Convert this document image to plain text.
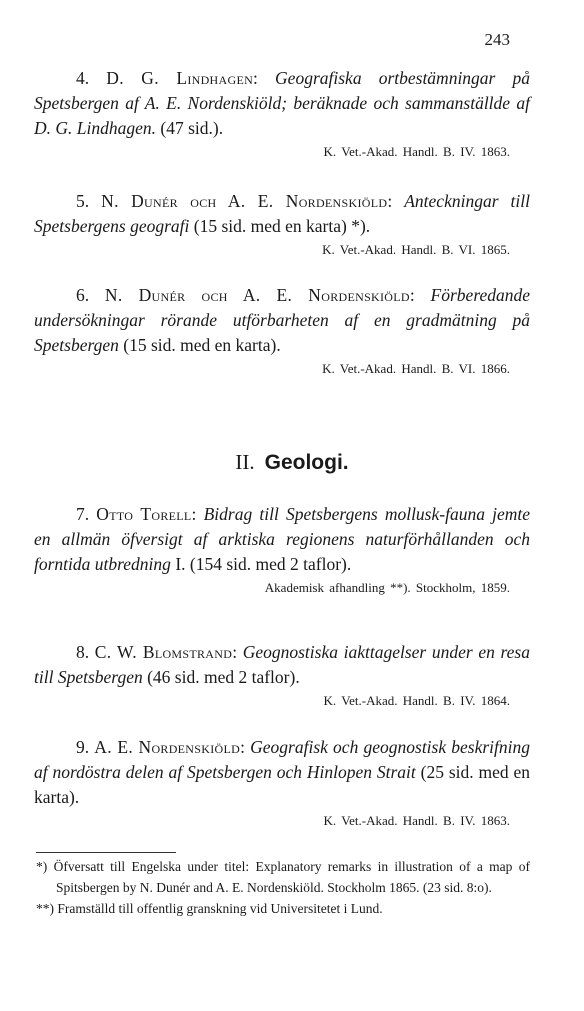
243

4. D. G. Lindhagen: Geografiska ortbestämningar på Spetsbergen af A. E. Nordenskiöld; beräknade och sammanställde af D. G. Lindhagen. (47 sid.).

K. Vet.-Akad. Handl. B. IV. 1863.

5. N. Dunér och A. E. Nordenskiöld: Anteckningar till Spetsbergens geografi (15 sid. med en karta) *).

K. Vet.-Akad. Handl. B. VI. 1865.

6. N. Dunér och A. E. Nordenskiöld: Förberedande undersökningar rörande utförbarheten af en gradmätning på Spetsbergen (15 sid. med en karta).

K. Vet.-Akad. Handl. B. VI. 1866.
II. Geologi.

7. Otto Torell: Bidrag till Spetsbergens mollusk-fauna jemte en allmän öfversigt af arktiska regionens naturförhållanden och forntida utbredning I. (154 sid. med 2 taflor).

Akademisk afhandling **). Stockholm, 1859.

8. C. W. Blomstrand: Geognostiska iakttagelser under en resa till Spetsbergen (46 sid. med 2 taflor).

K. Vet.-Akad. Handl. B. IV. 1864.

9. A. E. Nordenskiöld: Geografisk och geognostisk beskrifning af nordöstra delen af Spetsbergen och Hinlopen Strait (25 sid. med en karta).

K. Vet.-Akad. Handl. B. IV. 1863.

*) Öfversatt till Engelska under titel: Explanatory remarks in illustration of a map of Spitsbergen by N. Dunér and A. E. Nordenskiöld. Stockholm 1865. (23 sid. 8:o).

**) Framställd till offentlig granskning vid Universitetet i Lund.
